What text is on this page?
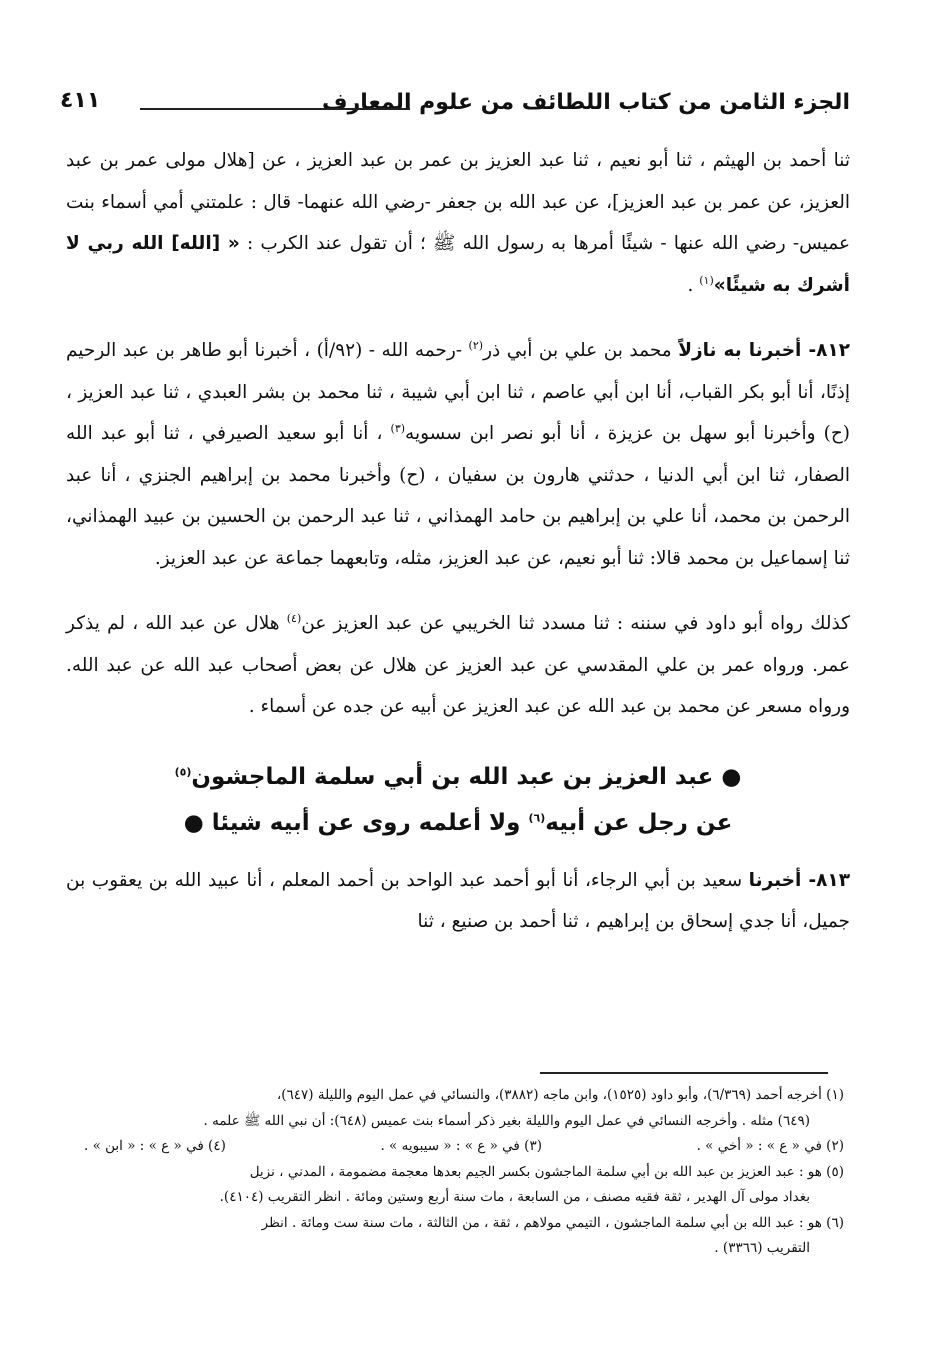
الجزء الثامن من كتاب اللطائف من علوم المعارف
٤١١

ثنا أحمد بن الهيثم ، ثنا أبو نعيم ، ثنا عبد العزيز بن عمر بن عبد العزيز ، عن [هلال مولى عمر بن عبد العزيز، عن عمر بن عبد العزيز]، عن عبد الله بن جعفر -رضي الله عنهما- قال : علمتني أمي أسماء بنت عميس- رضي الله عنها - شيئًا أمرها به رسول الله ﷺ ؛ أن تقول عند الكرب : « [الله] الله ربي لا أشرك به شيئًا»$^{(١)}$ .

٨١٢- أخبرنا به نازلاً محمد بن علي بن أبي ذر$^{(٢)}$ -رحمه الله - (٩٢/أ) ، أخبرنا أبو طاهر بن عبد الرحيم إذنًا، أنا أبو بكر القباب، أنا ابن أبي عاصم ، ثنا ابن أبي شيبة ، ثنا محمد بن بشر العبدي ، ثنا عبد العزيز ، (ح) وأخبرنا أبو سهل بن عزيزة ، أنا أبو نصر ابن سسويه$^{(٣)}$ ، أنا أبو سعيد الصيرفي ، ثنا أبو عبد الله الصفار، ثنا ابن أبي الدنيا ، حدثني هارون بن سفيان ، (ح) وأخبرنا محمد بن إبراهيم الجنزي ، أنا عبد الرحمن بن محمد، أنا علي بن إبراهيم بن حامد الهمذاني ، ثنا عبد الرحمن بن الحسين بن عبيد الهمذاني، ثنا إسماعيل بن محمد قالا: ثنا أبو نعيم، عن عبد العزيز، مثله، وتابعهما جماعة عن عبد العزيز.

كذلك رواه أبو داود في سننه : ثنا مسدد ثنا الخريبي عن عبد العزيز عن$^{(٤)}$ هلال عن عبد الله ، لم يذكر عمر. ورواه عمر بن علي المقدسي عن عبد العزيز عن هلال عن بعض أصحاب عبد الله عن عبد الله. ورواه مسعر عن محمد بن عبد الله عن عبد العزيز عن أبيه عن جده عن أسماء .

● عبد العزيز بن عبد الله بن أبي سلمة الماجشون$^{(٥)}$

عن رجل عن أبيه$^{(٦)}$ ولا أعلمه روى عن أبيه شيئا ●

٨١٣- أخبرنا سعيد بن أبي الرجاء، أنا أبو أحمد عبد الواحد بن أحمد المعلم ، أنا عبيد الله بن يعقوب بن جميل، أنا جدي إسحاق بن إبراهيم ، ثنا أحمد بن صنيع ، ثنا

(١) أخرجه أحمد (٦/٣٦٩)، وأبو داود (١٥٢٥)، وابن ماجه (٣٨٨٢)، والنسائي في عمل اليوم والليلة (٦٤٧)،
(٦٤٩) مثله . وأخرجه النسائي في عمل اليوم والليلة بغير ذكر أسماء بنت عميس (٦٤٨): أن نبي الله ﷺ علمه .

(٢) في « ع » : « أخي » .
(٣) في « ع » : « سيبويه » .
(٤) في « ع » : « ابن » .

(٥) هو : عبد العزيز بن عبد الله بن أبي سلمة الماجشون بكسر الجيم بعدها معجمة مضمومة ، المدني ، نزيل
بغداد مولى آل الهدير ، ثقة فقيه مصنف ، من السابعة ، مات سنة أربع وستين ومائة . انظر التقريب (٤١٠٤).

(٦) هو : عبد الله بن أبي سلمة الماجشون ، التيمي مولاهم ، ثقة ، من الثالثة ، مات سنة ست ومائة . انظر
التقريب (٣٣٦٦) .
